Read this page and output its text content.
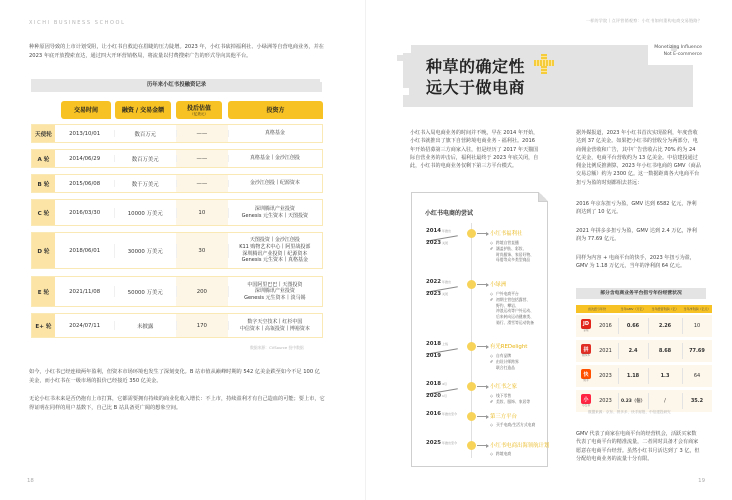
XICHI BUSINESS SCHOOL
种种原因导致的上市计划受阻，让小红书自救迫在眉睫的压力陡增。2023 年，小红书砍掉福利社、小绿洲等自营电商业务，并在 2023 年底开放搜索直达，通过四大开环营销格局，将流量以付费搜索广告的形式导向其他平台。
历年来小红书投融资记录
交易时间	融资 / 交易金额	投后估值
（亿美元）	投资方
天使轮	2013/10/01	数百万元	——	真格基金
A 轮	2014/06/29	数百万美元	——	真格基金丨金沙江创投
B 轮	2015/06/08	数千万美元	——	金沙江创投丨纪源资本
C 轮	2016/03/30	10000 万美元	10
深圳腾讯产业投资
Genesis 元生资本丨天图投资
D 轮	2018/06/01	30000 万美元	30
天图投资丨金沙江创投
K11 购物艺术中心丨阿里战投部
深圳腾讯产业投资丨纪源资本
Genesis 元生资本丨真格基金
E 轮	2021/11/08	50000 万美元	200
中国阿里巴巴丨天图投资
深圳腾讯产业投资
Genesis 元生资本丨淡马锡
E+ 轮	2024/07/11	未披露	170
数字天空技术丨红杉中国
中信资本丨高瓴投资丨博裕资本
数据来源：CVSource 投中数据
如今，小红书已经连续两年盈利，但资本市场环境也发生了深刻变化。B 站市值从巅峰时期的 542 亿美金跌至如今不足 100 亿美金，而小红书在一级市场的报价已经接近 350 亿美金。
无论小红书未来是否仍抱有上市打算，它都需要拥有持续的商业化收入增长：不上市，持续盈利才有自己造血的可能；要上市，它得证明在同样的用户基数下，自己比 B 站具备更广阔的想象空间。
18
一样的学院丨点评营销观察：小红书如何重构电商交易链路？
种草的确定性
远大于做电商
Monetizing Influence
Not E-commerce
小红书入局电商业务的时间并不晚，早在 2014 年开始，小红书就推出了旗下自营跨境电商业务 - 福利社。2016 年开始招募第三方商家入驻，但是经历了 2017 年天猫国际自营业务的冲击后，福利社最终于 2023 年底关闭，自此，小红书的电商业务仅剩下第三方平台模式。
小红书电商的尝试
2014年推出
2023关闭
小红书福利社
◇ 跨境自营直播
✐ 涵盖护肤、彩妆、
时尚服饰、家居好物、
母婴等众多类型商品
2022年推出
2023关闭
小绿洲
◇ 户外电商平台
✐ 初期主营包括露营、
野钓、攀岩、
冲浪运动等户外运动、
后来转向运动健康类、
骑行、滑雪等运动装备
2018上线
2019
有光REDelight
◇ 自有品牌
✐ 由设计师跨界
联合打造品
20184月
20201月
小红书之家
◇ 线下零售
✐ 美妆、服饰、家居等
2016年推出至今	第三方平台
◇ 买手电商/生活方式电商
2025年推出至今	小红书电商出海领航计划
◇ 跨境电商
据外媒报道，2023 年小红书首次实现盈利，年度营收达到 37 亿美金。如果把小红书的营收分为两部分，电商佣金营收和广告，其中广告营收占比 70% 约为 24 亿美金，电商平台营收约为 13 亿美金。中信建投通过佣金比例反推测算，2023 年小红书电商的 GMV（商品交易总额）约为 2300 亿。这一数据距离各大电商平台扭亏为盈的时刻都相去甚远：
2016 年京东扭亏为盈，GMV 达到 6582 亿元，净利润达到了 10 亿元。
2021 年拼多多扭亏为盈，GMV 达到 2.4 万亿，净利润为 77.69 亿元。
同样为内容 + 电商平台的快手，2023 年扭亏为盈，GMV 为 1.18 万亿元，当年的净利润 64 亿元。
部分含电商业务平台扭亏年份经营状况
首次扭亏年份	当年GMV（万亿）	当年经营利润（亿）	当年净利润（亿元）
JD
京东
2016	0.66	2.26	10
拼
拼多多
2021	2.4	8.68	77.69
快
快手
2023	1.18	1.3	64
小
小红书
2023	0.23（估）	/	35.2
数据来源：京东、拼多多、快手财报、中信建投研究
GMV 代表了商家在电商平台的经营机会，活跃买家数代表了电商平台的精准流量，二者同时具备才会有商家愿意在电商平台经营。虽然小红书月活达到了 3 亿，但分配给电商业务的流量十分有限。
19
